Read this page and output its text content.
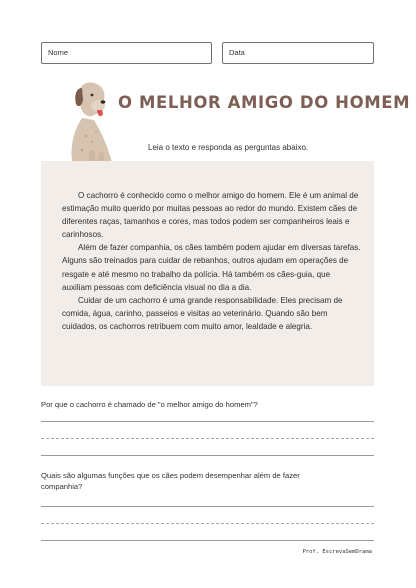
Nome	Data
O MELHOR AMIGO DO HOMEM
Leia o texto e responda as perguntas abaixo.

O cachorro é conhecido como o melhor amigo do homem. Ele é um animal de estimação muito querido por muitas pessoas ao redor do mundo. Existem cães de diferentes raças, tamanhos e cores, mas todos podem ser companheiros leais e carinhosos.

Além de fazer companhia, os cães também podem ajudar em diversas tarefas. Alguns são treinados para cuidar de rebanhos, outros ajudam em operações de resgate e até mesmo no trabalho da polícia. Há também os cães-guia, que auxiliam pessoas com deficiência visual no dia a dia.

Cuidar de um cachorro é uma grande responsabilidade. Eles precisam de comida, água, carinho, passeios e visitas ao veterinário. Quando são bem cuidados, os cachorros retribuem com muito amor, lealdade e alegria.

Por que o cachorro é chamado de "o melhor amigo do homem"?
Quais são algumas funções que os cães podem desempenhar além de fazer companhia?
Prof. EscrevaSemDrama
